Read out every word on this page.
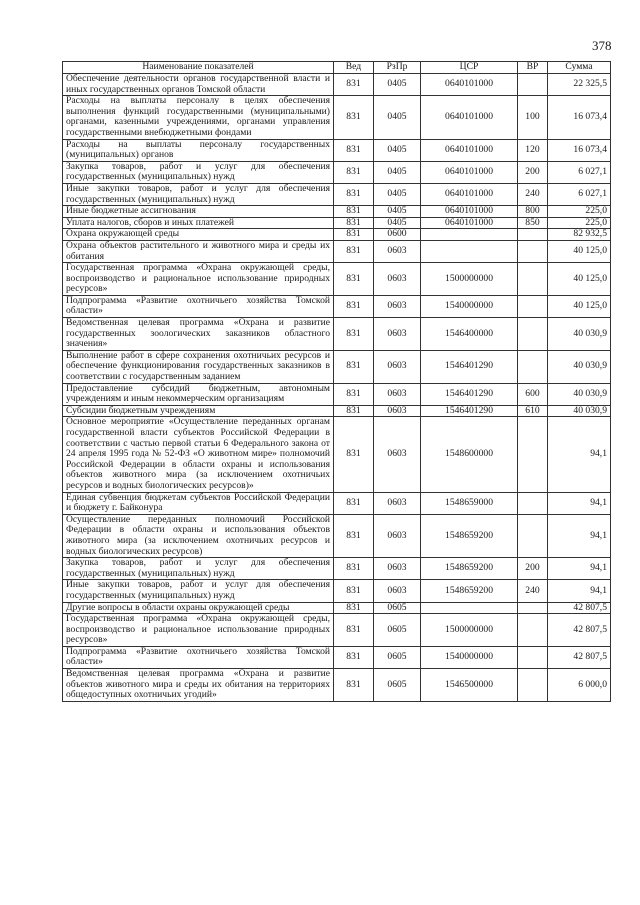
378
Наименование показателей	Вед	РзПр	ЦСР	ВР	Сумма
Обеспечение деятельности органов государственной власти и иных государственных органов Томской области	831	0405	0640101000		22 325,5
Расходы на выплаты персоналу в целях обеспечения выполнения функций государственными (муниципальными) органами, казенными учреждениями, органами управления государственными внебюджетными фондами	831	0405	0640101000	100	16 073,4
Расходы на выплаты персоналу государственных (муниципальных) органов	831	0405	0640101000	120	16 073,4
Закупка товаров, работ и услуг для обеспечения государственных (муниципальных) нужд	831	0405	0640101000	200	6 027,1
Иные закупки товаров, работ и услуг для обеспечения государственных (муниципальных) нужд	831	0405	0640101000	240	6 027,1
Иные бюджетные ассигнования	831	0405	0640101000	800	225,0
Уплата налогов, сборов и иных платежей	831	0405	0640101000	850	225,0
Охрана окружающей среды	831	0600			82 932,5
Охрана объектов растительного и животного мира и среды их обитания	831	0603			40 125,0
Государственная программа «Охрана окружающей среды, воспроизводство и рациональное использование природных ресурсов»	831	0603	1500000000		40 125,0
Подпрограмма «Развитие охотничьего хозяйства Томской области»	831	0603	1540000000		40 125,0
Ведомственная целевая программа «Охрана и развитие государственных зоологических заказников областного значения»	831	0603	1546400000		40 030,9
Выполнение работ в сфере сохранения охотничьих ресурсов и обеспечение функционирования государственных заказников в соответствии с государственным заданием	831	0603	1546401290		40 030,9
Предоставление субсидий бюджетным, автономным учреждениям и иным некоммерческим организациям	831	0603	1546401290	600	40 030,9
Субсидии бюджетным учреждениям	831	0603	1546401290	610	40 030,9
Основное мероприятие «Осуществление переданных органам государственной власти субъектов Российской Федерации в соответствии с частью первой статьи 6 Федерального закона от 24 апреля 1995 года № 52-ФЗ «О животном мире» полномочий Российской Федерации в области охраны и использования объектов животного мира (за исключением охотничьих ресурсов и водных биологических ресурсов)»	831	0603	1548600000		94,1
Единая субвенция бюджетам субъектов Российской Федерации и бюджету г. Байконура	831	0603	1548659000		94,1
Осуществление переданных полномочий Российской Федерации в области охраны и использования объектов животного мира (за исключением охотничьих ресурсов и водных биологических ресурсов)	831	0603	1548659200		94,1
Закупка товаров, работ и услуг для обеспечения государственных (муниципальных) нужд	831	0603	1548659200	200	94,1
Иные закупки товаров, работ и услуг для обеспечения государственных (муниципальных) нужд	831	0603	1548659200	240	94,1
Другие вопросы в области охраны окружающей среды	831	0605			42 807,5
Государственная программа «Охрана окружающей среды, воспроизводство и рациональное использование природных ресурсов»	831	0605	1500000000		42 807,5
Подпрограмма «Развитие охотничьего хозяйства Томской области»	831	0605	1540000000		42 807,5
Ведомственная целевая программа «Охрана и развитие объектов животного мира и среды их обитания на территориях общедоступных охотничьих угодий»	831	0605	1546500000		6 000,0
